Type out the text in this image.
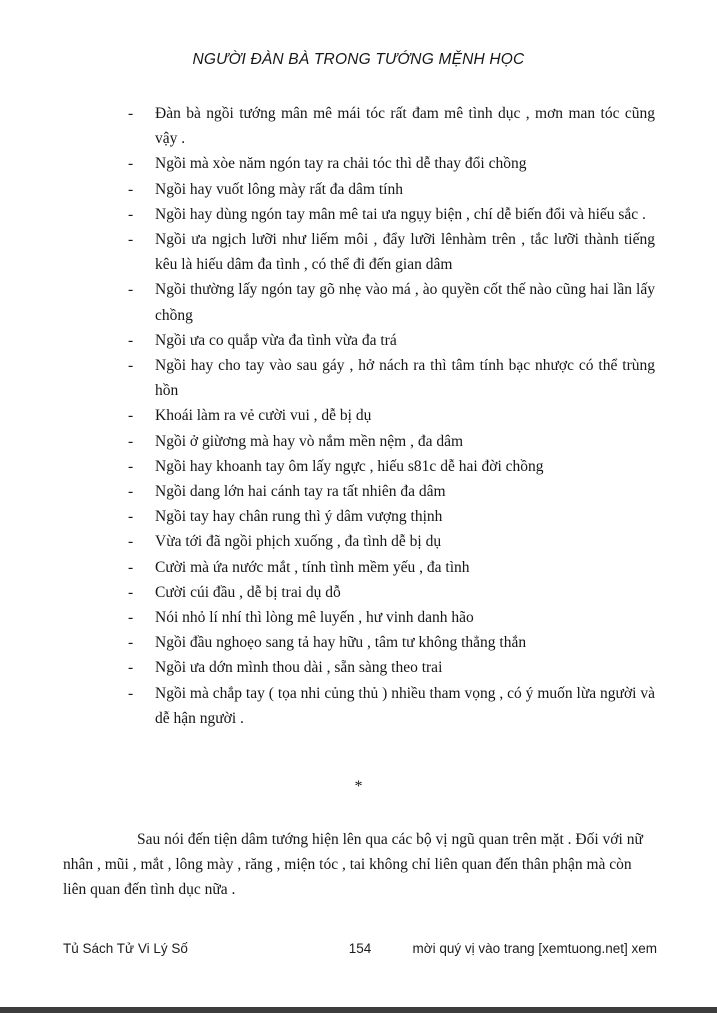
NGƯỜI ĐÀN BÀ TRONG TƯỚNG MỆNH HỌC
- Đàn bà ngồi tướng mân mê mái tóc rất đam mê tình dục , mơn man tóc cũng vậy .
- Ngồi mà xòe năm ngón tay ra chải tóc thì dễ thay đổi chồng
- Ngồi hay vuốt lông mày rất đa dâm tính
- Ngồi hay dùng ngón tay mân mê tai ưa ngụy biện , chí dễ biến đổi và hiếu sắc .
- Ngồi ưa ngịch lưỡi như liếm môi , đẩy lưỡi lênhàm trên , tắc lưỡi thành tiếng kêu là hiếu dâm đa tình , có thể đi đến gian dâm
- Ngồi thường lấy ngón tay gõ nhẹ vào má , ào quyền cốt thế nào cũng hai lần lấy chồng
- Ngồi ưa co quắp vừa đa tình vừa đa trá
- Ngồi hay cho tay vào sau gáy , hở nách ra thì tâm tính bạc nhược có thể trùng hồn
- Khoái làm ra vẻ cười vui , dễ bị dụ
- Ngồi ở giừơng mà hay vò nắm mền nệm , đa dâm
- Ngồi hay khoanh tay ôm lấy ngực , hiếu s81c dễ hai đời chồng
- Ngồi dang lớn hai cánh tay ra tất nhiên đa dâm
- Ngồi tay hay chân rung thì ý dâm vượng thịnh
- Vừa tới đã ngồi phịch xuống , đa tình dễ bị dụ
- Cười mà ứa nước mắt , tính tình mềm yếu , đa tình
- Cười cúi đầu , dễ bị trai dụ dỗ
- Nói nhỏ lí nhí thì lòng mê luyến , hư vinh danh hão
- Ngồi đầu nghoẹo sang tả hay hữu , tâm tư không thẳng thắn
- Ngồi ưa dớn mình thou dài , sẵn sàng theo trai
- Ngồi mà chắp tay ( tọa nhi củng thủ ) nhiều tham vọng , có ý muốn lừa người và dễ hận người .
*
Sau nói đến tiện dâm tướng hiện lên qua các bộ vị ngũ quan trên mặt . Đối với nữ nhân , mũi , mắt , lông mày , răng , miện tóc , tai không chỉ liên quan đến thân phận mà còn liên quan đến tình dục nữa .
Tủ Sách Tử Vi Lý Số	154	mời quý vị vào trang [xemtuong.net] xem
